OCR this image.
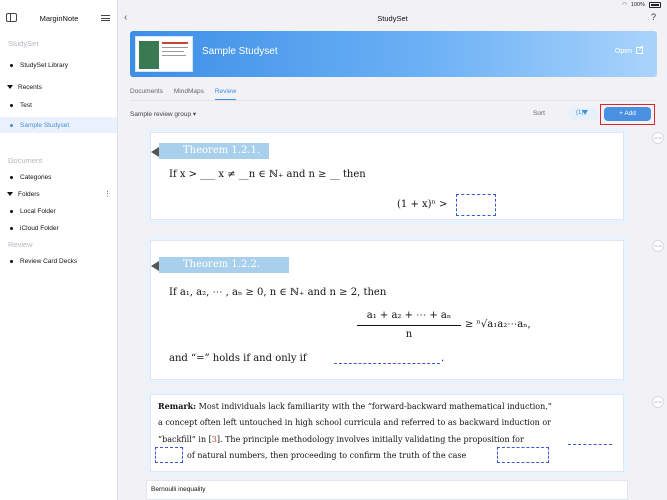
◠ 100%
MarginNote
StudySet
StudySet Library
Recents
Test
Sample Studyset
Document
Categories
Folders	⋮
Local Folder
iCloud Folder
Review
Review Card Decks
‹	StudySet	?
Sample Studyset	Open
↗
Documents MindMaps Review
Sample review group ▾	Sort	(1)	+ Add
Theorem 1.2.1.
If x > ___ x ≠ __n ∈ ℕ₊ and n ≥ __ then
(1 + x)ⁿ >
02-43
Theorem 1.2.2.
If a₁, a₂, ⋯ , aₙ ≥ 0, n ∈ ℕ₊ and n ≥ 2, then
a₁ + a₂ + ⋯ + aₙ
n
≥ ⁿ√a₁a₂⋯aₙ,
and “=” holds if and only if	.
02-43
Remark: Most individuals lack familiarity with the ”forward-backward mathematical induction,”
a concept often left untouched in high school curricula and referred to as backward induction or
”backfill” in [3]. The principle methodology involves initially validating the proposition for
of natural numbers, then proceeding to confirm the truth of the case
02-43
Bernoulli inequality
